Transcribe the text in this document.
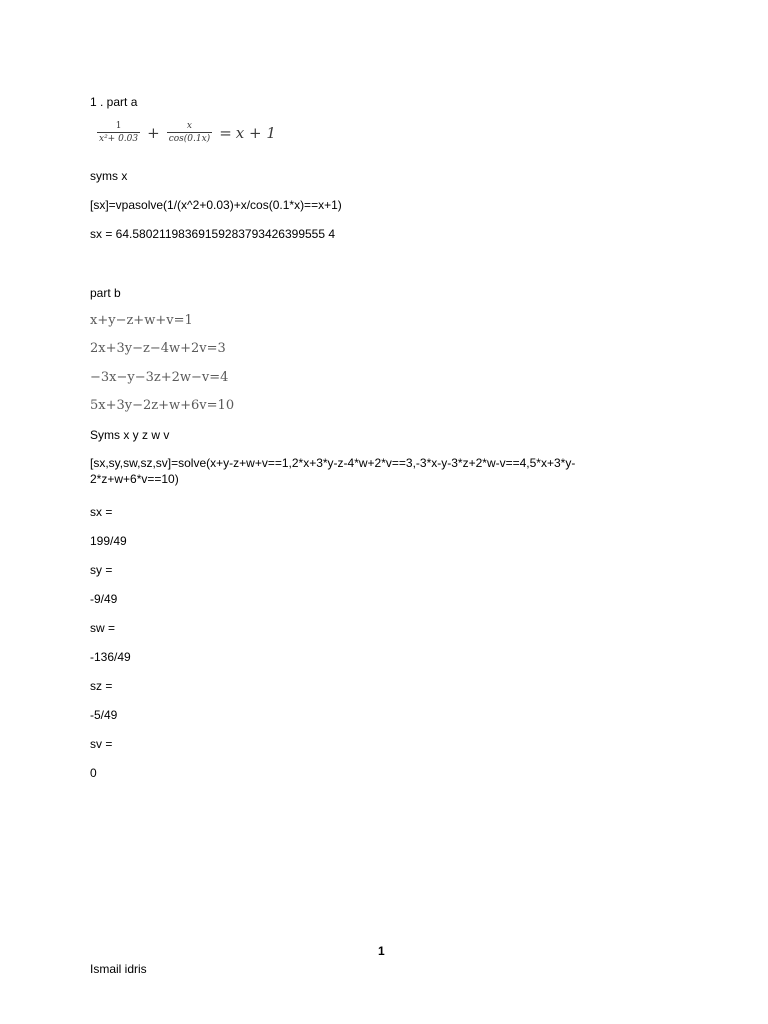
1 . part a
$\frac{1}{\text{x²+ 0.03}} + \frac{x}{\cos(0.1x)} = x + 1$
syms x
[sx]=vpasolve(1/(x^2+0.03)+x/cos(0.1*x)==x+1)
sx = 64.58021198369159283793426399555 4
part b
x+y−z+w+v=1
2x+3y−z−4w+2v=3
−3x−y−3z+2w−v=4
5x+3y−2z+w+6v=10
Syms x y z w v
[sx,sy,sw,sz,sv]=solve(x+y-z+w+v==1,2*x+3*y-z-4*w+2*v==3,-3*x-y-3*z+2*w-v==4,5*x+3*y-2*z+w+6*v==10)
sx =
199/49
sy =
-9/49
sw =
-136/49
sz =
-5/49
sv =
0
1
Ismail idris
